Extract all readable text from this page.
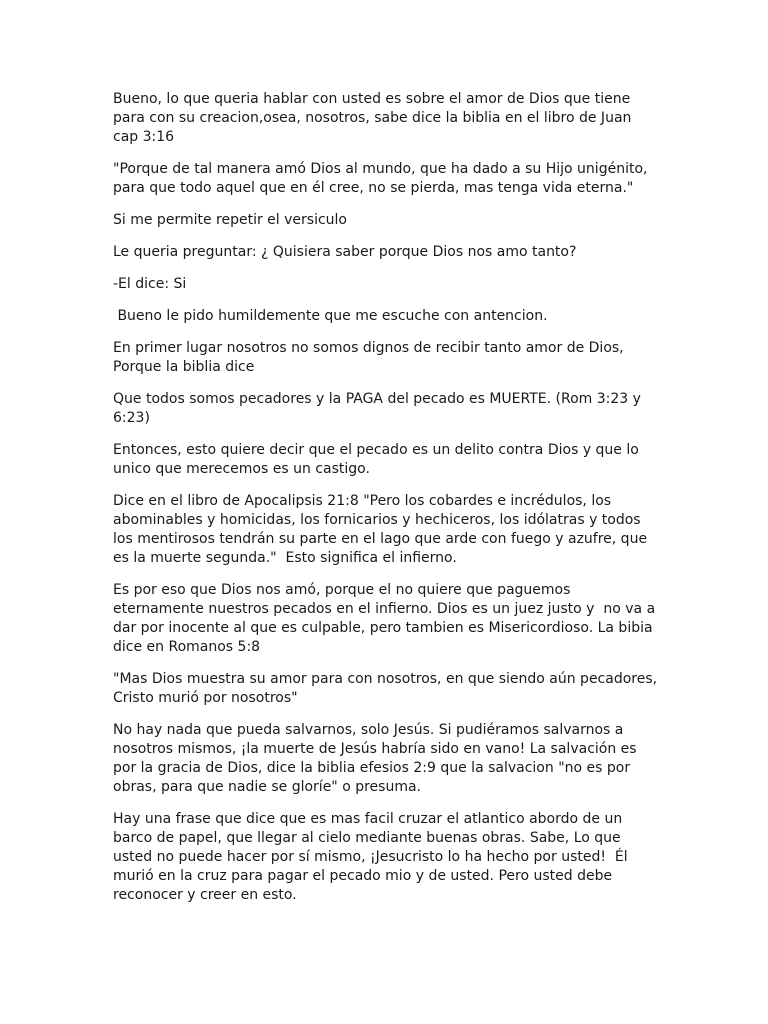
Bueno, lo que queria hablar con usted es sobre el amor de Dios que tiene para con su creacion,osea, nosotros, sabe dice la biblia en el libro de Juan cap 3:16

"Porque de tal manera amó Dios al mundo, que ha dado a su Hijo unigénito, para que todo aquel que en él cree, no se pierda, mas tenga vida eterna."

Si me permite repetir el versiculo

Le queria preguntar: ¿ Quisiera saber porque Dios nos amo tanto?

-El dice: Si

Bueno le pido humildemente que me escuche con antencion.

En primer lugar nosotros no somos dignos de recibir tanto amor de Dios, Porque la biblia dice

Que todos somos pecadores y la PAGA del pecado es MUERTE. (Rom 3:23 y 6:23)

Entonces, esto quiere decir que el pecado es un delito contra Dios y que lo unico que merecemos es un castigo.

Dice en el libro de Apocalipsis 21:8 "Pero los cobardes e incrédulos, los abominables y homicidas, los fornicarios y hechiceros, los idólatras y todos los mentirosos tendrán su parte en el lago que arde con fuego y azufre, que es la muerte segunda."  Esto significa el infierno.

Es por eso que Dios nos amó, porque el no quiere que paguemos eternamente nuestros pecados en el infierno. Dios es un juez justo y  no va a dar por inocente al que es culpable, pero tambien es Misericordioso. La bibia dice en Romanos 5:8

"Mas Dios muestra su amor para con nosotros, en que siendo aún pecadores, Cristo murió por nosotros"

No hay nada que pueda salvarnos, solo Jesús. Si pudiéramos salvarnos a nosotros mismos, ¡la muerte de Jesús habría sido en vano! La salvación es por la gracia de Dios, dice la biblia efesios 2:9 que la salvacion "no es por obras, para que nadie se gloríe" o presuma.

Hay una frase que dice que es mas facil cruzar el atlantico abordo de un barco de papel, que llegar al cielo mediante buenas obras. Sabe, Lo que usted no puede hacer por sí mismo, ¡Jesucristo lo ha hecho por usted!  Él murió en la cruz para pagar el pecado mio y de usted. Pero usted debe reconocer y creer en esto.
